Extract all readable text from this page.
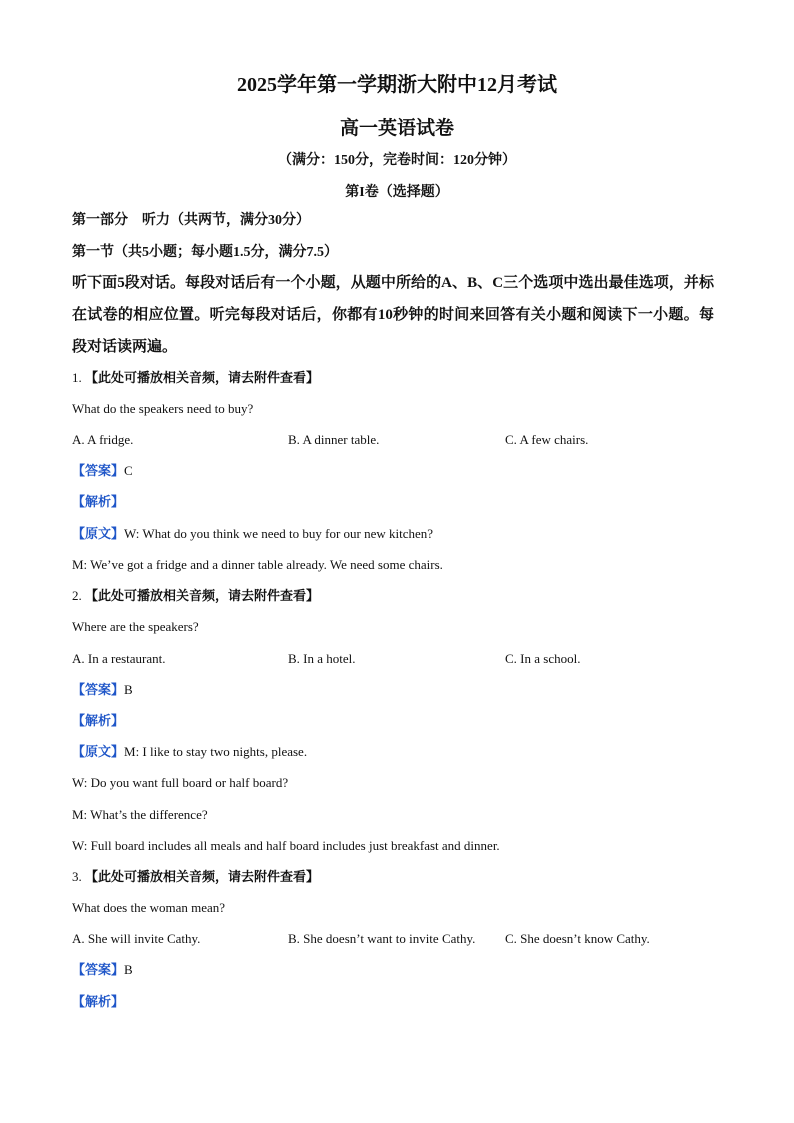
2025学年第一学期浙大附中12月考试
高一英语试卷
（满分：150分，完卷时间：120分钟）
第I卷（选择题）
第一部分　听力（共两节，满分30分）
第一节（共5小题；每小题1.5分，满分7.5）
听下面5段对话。每段对话后有一个小题，从题中所给的A、B、C三个选项中选出最佳选项，并标在试卷的相应位置。听完每段对话后，你都有10秒钟的时间来回答有关小题和阅读下一小题。每段对话读两遍。
1. 【此处可播放相关音频，请去附件查看】
What do the speakers need to buy?
A. A fridge.	B. A dinner table.	C. A few chairs.
【答案】C
【解析】
【原文】W: What do you think we need to buy for our new kitchen?
M: We’ve got a fridge and a dinner table already. We need some chairs.
2. 【此处可播放相关音频，请去附件查看】
Where are the speakers?
A. In a restaurant.	B. In a hotel.	C. In a school.
【答案】B
【解析】
【原文】M: I like to stay two nights, please.
W: Do you want full board or half board?
M: What’s the difference?
W: Full board includes all meals and half board includes just breakfast and dinner.
3. 【此处可播放相关音频，请去附件查看】
What does the woman mean?
A. She will invite Cathy.	B. She doesn’t want to invite Cathy. C. She doesn’t know Cathy.
【答案】B
【解析】
